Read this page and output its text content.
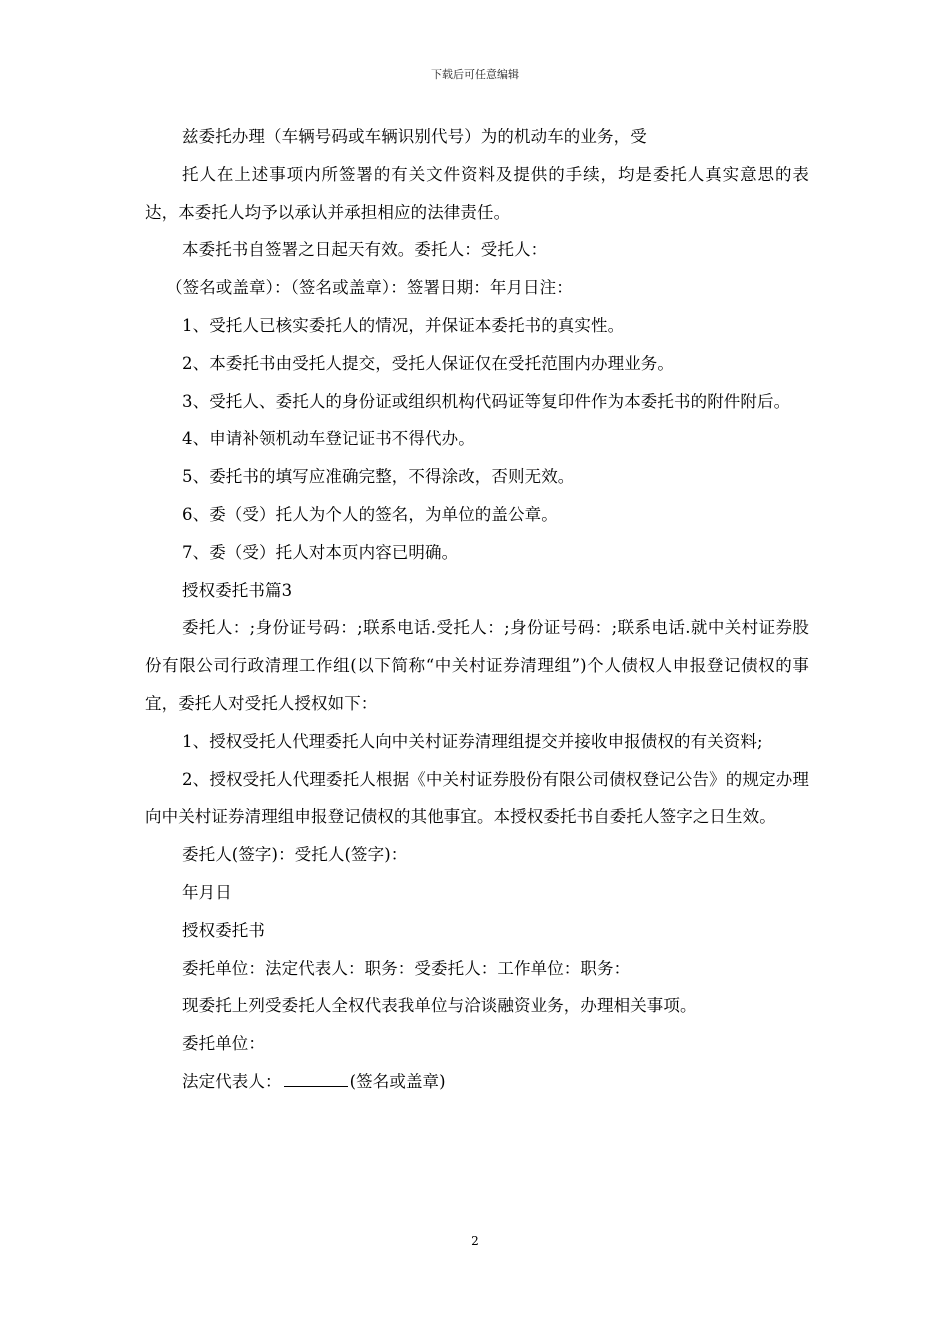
下载后可任意编辑

兹委托办理（车辆号码或车辆识别代号）为的机动车的业务，受

托人在上述事项内所签署的有关文件资料及提供的手续，均是委托人真实意思的表达，本委托人均予以承认并承担相应的法律责任。

本委托书自签署之日起天有效。委托人：受托人：

（签名或盖章）：（签名或盖章）：签署日期：年月日注：

1、受托人已核实委托人的情况，并保证本委托书的真实性。

2、本委托书由受托人提交，受托人保证仅在受托范围内办理业务。

3、受托人、委托人的身份证或组织机构代码证等复印件作为本委托书的附件附后。

4、申请补领机动车登记证书不得代办。

5、委托书的填写应准确完整，不得涂改，否则无效。

6、委（受）托人为个人的签名，为单位的盖公章。

7、委（受）托人对本页内容已明确。

授权委托书篇3

委托人：;身份证号码：;联系电话.受托人：;身份证号码：;联系电话.就中关村证券股份有限公司行政清理工作组(以下简称“中关村证券清理组”)个人债权人申报登记债权的事宜，委托人对受托人授权如下：

1、授权受托人代理委托人向中关村证券清理组提交并接收申报债权的有关资料;

2、授权受托人代理委托人根据《中关村证券股份有限公司债权登记公告》的规定办理向中关村证券清理组申报登记债权的其他事宜。本授权委托书自委托人签字之日生效。

委托人(签字)：受托人(签字)：

年月日

授权委托书

委托单位：法定代表人：职务：受委托人：工作单位：职务：

现委托上列受委托人全权代表我单位与洽谈融资业务，办理相关事项。

委托单位：

法定代表人：	(签名或盖章)

2
